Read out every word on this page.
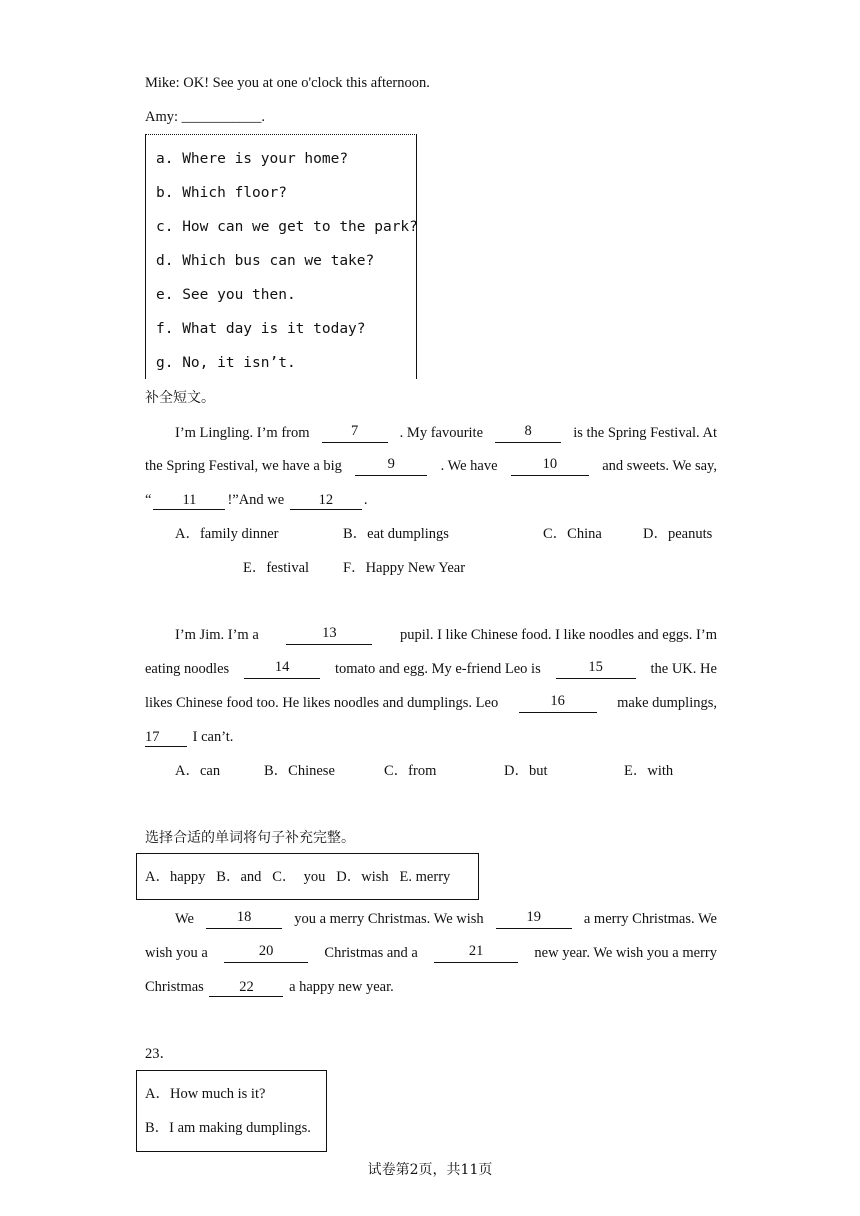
Mike: OK! See you at one o'clock this afternoon.
Amy: ___________.
a. Where is your home?
b. Which floor?
c. How can we get to the park?
d. Which bus can we take?
e. See you then.
f. What day is it today?
g. No, it isn’t.
补全短文。
I’m Lingling. I’m from	7	. My favourite	8	is the Spring Festival. At
the Spring Festival, we have a big	9	. We have	10	and sweets. We say,
“ 11 !”And we 12 .
A．family dinner	B．eat dumplings	C．China	D．peanuts
E．festival F．Happy New Year
I’m Jim. I’m a	13	pupil. I like Chinese food. I like noodles and eggs. I’m
eating noodles	14	tomato and egg. My e-friend Leo is	15	the UK. He
likes Chinese food too. He likes noodles and dumplings. Leo	16	make dumplings,
17 I can’t.
A．can	B．Chinese	C．from	D．but	E．with
选择合适的单词将句子补充完整。
A．happy   B．and   C．  you   D．wish   E. merry
We	18	you a merry Christmas. We wish	19	a merry Christmas. We
wish you a	20	Christmas and a	21	new year. We wish you a merry
Christmas 22 a happy new year.
23．
A．How much is it?
B．I am making dumplings.
试卷第2页，共11页
